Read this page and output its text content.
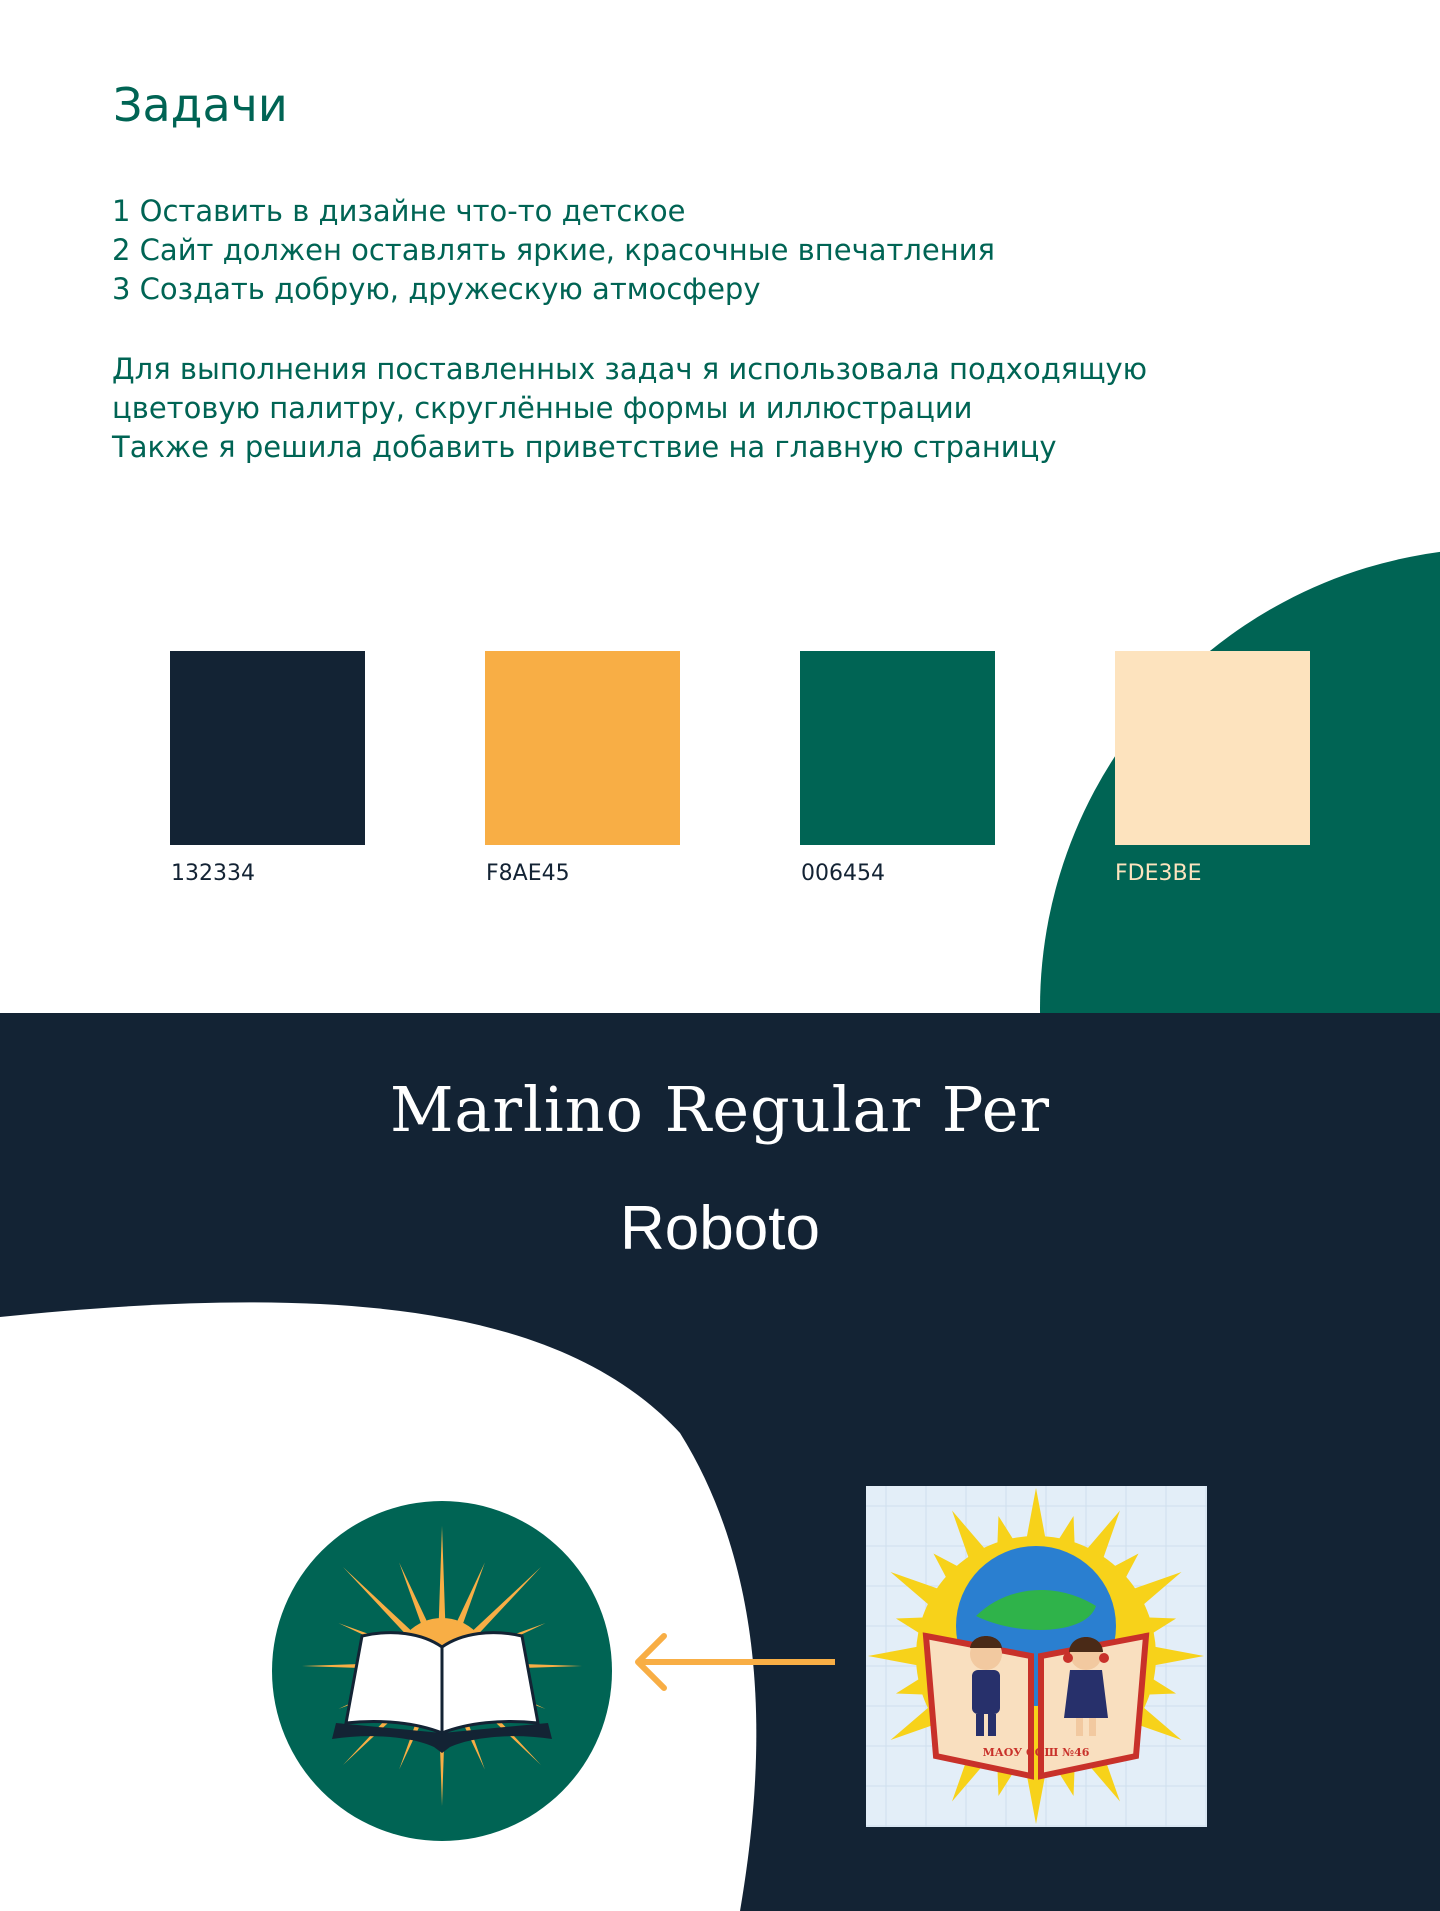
Задачи
1 Оставить в дизайне что-то детское
2 Сайт должен оставлять яркие, красочные впечатления
3 Создать добрую, дружескую атмосферу

Для выполнения поставленных задач я использовала подходящую

цветовую палитру, скруглённые формы и иллюстрации

Также я решила добавить приветствие на главную страницу

132334	F8AE45	006454	FDE3BE
Marlino Regular Per
Roboto
МАОУ СОШ №46
